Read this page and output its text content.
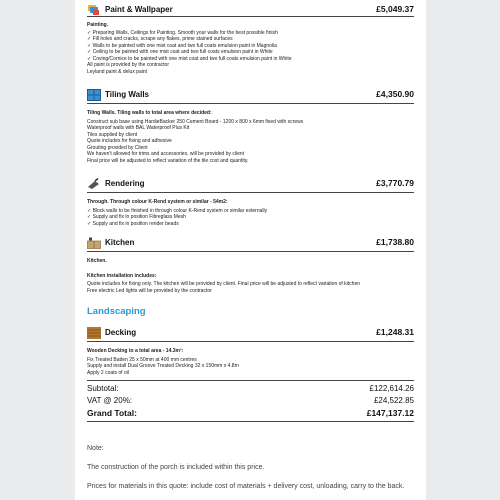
Paint & Wallpaper	£5,049.37
Painting.
✓ Preparing Walls, Ceilings for Painting. Smooth your walls for the best possible finish
✓ Fill holes and cracks, scrape any flakes, prime stained surfaces
✓ Walls to be painted with one mist coat and two full coats emulsion paint in Magnolia
✓ Ceiling to be painted with one mist coat and two full coats emulsion paint in White
✓ Coving/Cornice to be painted with one mist coat and two full coats emulsion paint in White
All paint is provided by the contractor
Leyland paint & delux paint
Tiling Walls	£4,350.90
Tiling Walls. Tiling walls to total area where decided:
Construct sub base using HardieBacker 250 Cement Board - 1200 x 800 x 6mm fixed with screws
Waterproof walls with BAL Waterproof Plus Kit
Tiles supplied by client
Quote includes for fixing and adhesive
Grouting provided by Client
We haven't allowed for trims and accessories, will be provided by client
Final price will be adjusted to reflect variation of the tile cost and quantity.
Rendering	£3,770.79
Through. Through colour K-Rend system or similar - 54m2:
✓ Block walls to be finished in through colour K-Rend system or similar externally
✓ Supply and fix in position Fibreglass Mesh
✓ Supply and fix in position render beads
Kitchen	£1,738.80
Kitchen.
Kitchen installation includes:
Quote includes for fixing only. The kitchen will be provided by client. Final price will be adjusted to reflect variation of kitchen
Free electric Led lights will be provided by the contractor
Landscaping
Decking	£1,248.31
Wooden Decking to a total area - 14.3m²:
Fix Treated Batten 25 x 50mm at 400 mm centres
Supply and install Dual Groove Treated Decking 32 x 150mm x 4.8m
Apply 2 coats of oil
Subtotal:	£122,614.26
VAT @ 20%:	£24,522.85
Grand Total:	£147,137.12
Note:
The construction of the porch is included within this price.
Prices for materials in this quote: include cost of materials + delivery cost, unloading, carry to the back.
